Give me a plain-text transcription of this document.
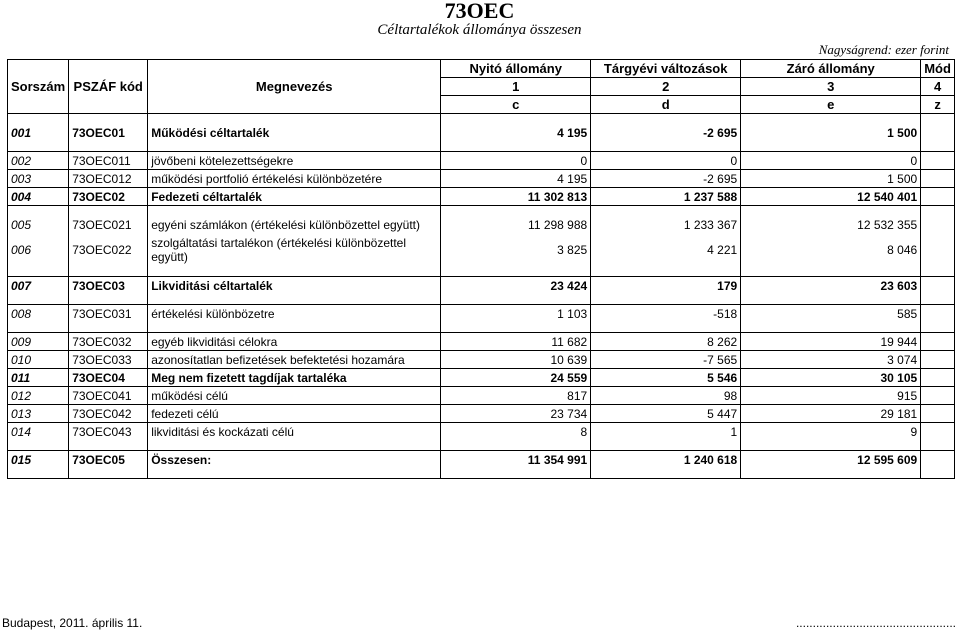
73OEC
Céltartalékok állománya összesen
Nagyságrend: ezer forint
Sorszám	PSZÁF kód	Megnevezés	Nyitó állomány	Tárgyévi változások	Záró állomány	Mód
			1	2	3	4
			c	d	e	z

001	73OEC01	Működési céltartalék	4 195	-2 695	1 500	

002	73OEC011	jövőbeni kötelezettségekre	0	0	0	
003	73OEC012	működési portfolió értékelési különbözetére	4 195	-2 695	1 500	
004	73OEC02	Fedezeti céltartalék	11 302 813	1 237 588	12 540 401	

005	73OEC021	egyéni számlákon (értékelési különbözettel együtt)	11 298 988	1 233 367	12 532 355	
006	73OEC022	szolgáltatási tartalékon (értékelési különbözettel együtt)	3 825	4 221	8 046	

007	73OEC03	Likviditási céltartalék	23 424	179	23 603	

008	73OEC031	értékelési különbözetre	1 103	-518	585	

009	73OEC032	egyéb likviditási célokra	11 682	8 262	19 944	
010	73OEC033	azonosítatlan befizetések befektetési hozamára	10 639	-7 565	3 074	
011	73OEC04	Meg nem fizetett tagdíjak tartaléka	24 559	5 546	30 105	
012	73OEC041	működési célú	817	98	915	
013	73OEC042	fedezeti célú	23 734	5 447	29 181	
014	73OEC043	likviditási és kockázati célú	8	1	9	

015	73OEC05	Összesen:	11 354 991	1 240 618	12 595 609	

Budapest, 2011. április 11.	................................................
